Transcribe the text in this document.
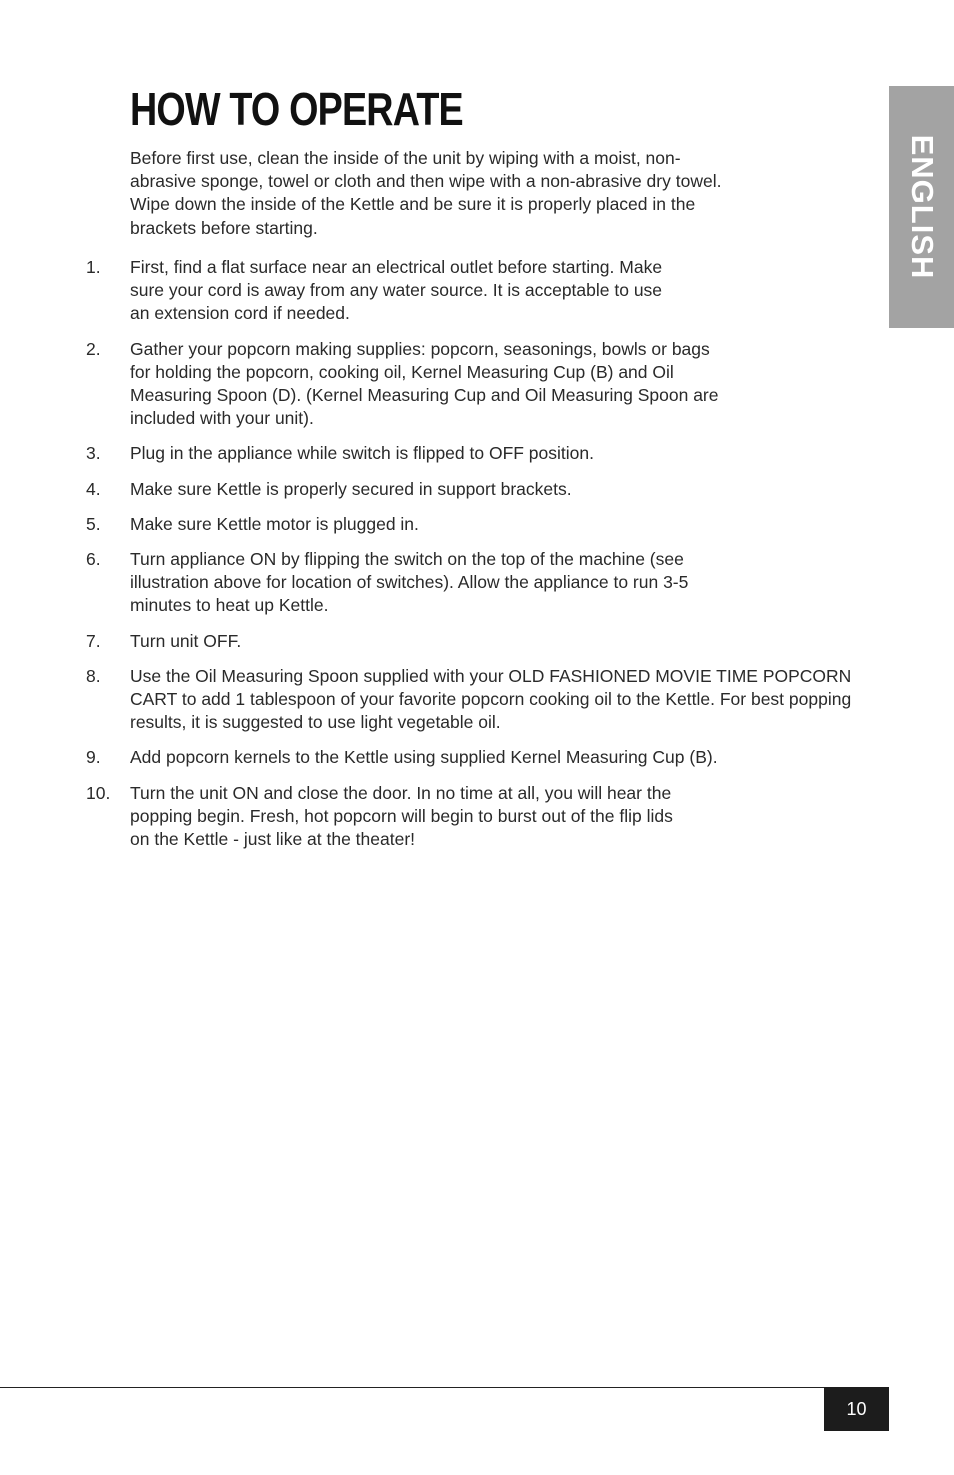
HOW TO OPERATE

Before first use, clean the inside of the unit by wiping with a moist, non-abrasive sponge, towel or cloth and then wipe with a non-abrasive dry towel. Wipe down the inside of the Kettle and be sure it is properly placed in the brackets before starting.

1.	First, find a flat surface near an electrical outlet before starting. Make sure your cord is away from any water source. It is acceptable to use an extension cord if needed.
2.	Gather your popcorn making supplies: popcorn, seasonings, bowls or bags for holding the popcorn, cooking oil, Kernel Measuring Cup (B) and Oil Measuring Spoon (D). (Kernel Measuring Cup and Oil Measuring Spoon are included with your unit).
3.	Plug in the appliance while switch is flipped to OFF position.
4.	Make sure Kettle is properly secured in support brackets.
5.	Make sure Kettle motor is plugged in.
6.	Turn appliance ON by flipping the switch on the top of the machine (see illustration above for location of switches). Allow the appliance to run 3-5 minutes to heat up Kettle.
7.	Turn unit OFF.
8.	Use the Oil Measuring Spoon supplied with your OLD FASHIONED MOVIE TIME POPCORN CART to add 1 tablespoon of your favorite popcorn cooking oil to the Kettle. For best popping results, it is suggested to use light vegetable oil.
9.	Add popcorn kernels to the Kettle using supplied Kernel Measuring Cup (B).
10.	Turn the unit ON and close the door. In no time at all, you will hear the popping begin. Fresh, hot popcorn will begin to burst out of the flip lids on the Kettle - just like at the theater!
ENGLISH
10
